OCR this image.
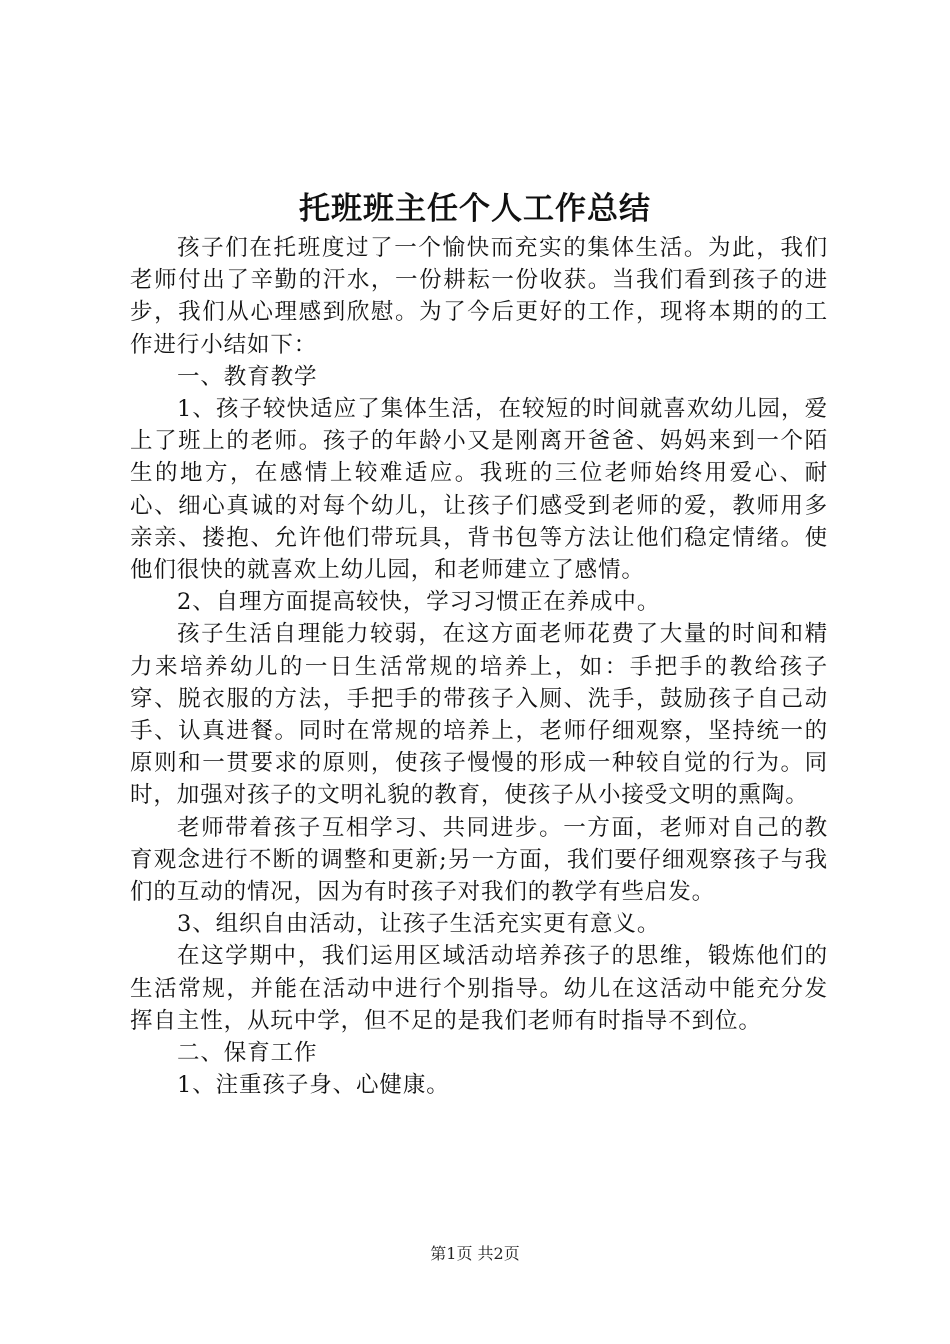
托班班主任个人工作总结

孩子们在托班度过了一个愉快而充实的集体生活。为此，我们老师付出了辛勤的汗水，一份耕耘一份收获。当我们看到孩子的进步，我们从心理感到欣慰。为了今后更好的工作，现将本期的的工作进行小结如下：

一、教育教学

1、孩子较快适应了集体生活，在较短的时间就喜欢幼儿园，爱上了班上的老师。孩子的年龄小又是刚离开爸爸、妈妈来到一个陌生的地方，在感情上较难适应。我班的三位老师始终用爱心、耐心、细心真诚的对每个幼儿，让孩子们感受到老师的爱，教师用多亲亲、搂抱、允许他们带玩具，背书包等方法让他们稳定情绪。使他们很快的就喜欢上幼儿园，和老师建立了感情。

2、自理方面提高较快，学习习惯正在养成中。

孩子生活自理能力较弱，在这方面老师花费了大量的时间和精力来培养幼儿的一日生活常规的培养上，如：手把手的教给孩子穿、脱衣服的方法，手把手的带孩子入厕、洗手，鼓励孩子自己动手、认真进餐。同时在常规的培养上，老师仔细观察，坚持统一的原则和一贯要求的原则，使孩子慢慢的形成一种较自觉的行为。同时，加强对孩子的文明礼貌的教育，使孩子从小接受文明的熏陶。

老师带着孩子互相学习、共同进步。一方面，老师对自己的教育观念进行不断的调整和更新;另一方面，我们要仔细观察孩子与我们的互动的情况，因为有时孩子对我们的教学有些启发。

3、组织自由活动，让孩子生活充实更有意义。

在这学期中，我们运用区域活动培养孩子的思维，锻炼他们的生活常规，并能在活动中进行个别指导。幼儿在这活动中能充分发挥自主性，从玩中学，但不足的是我们老师有时指导不到位。

二、保育工作

1、注重孩子身、心健康。

第1页 共2页
